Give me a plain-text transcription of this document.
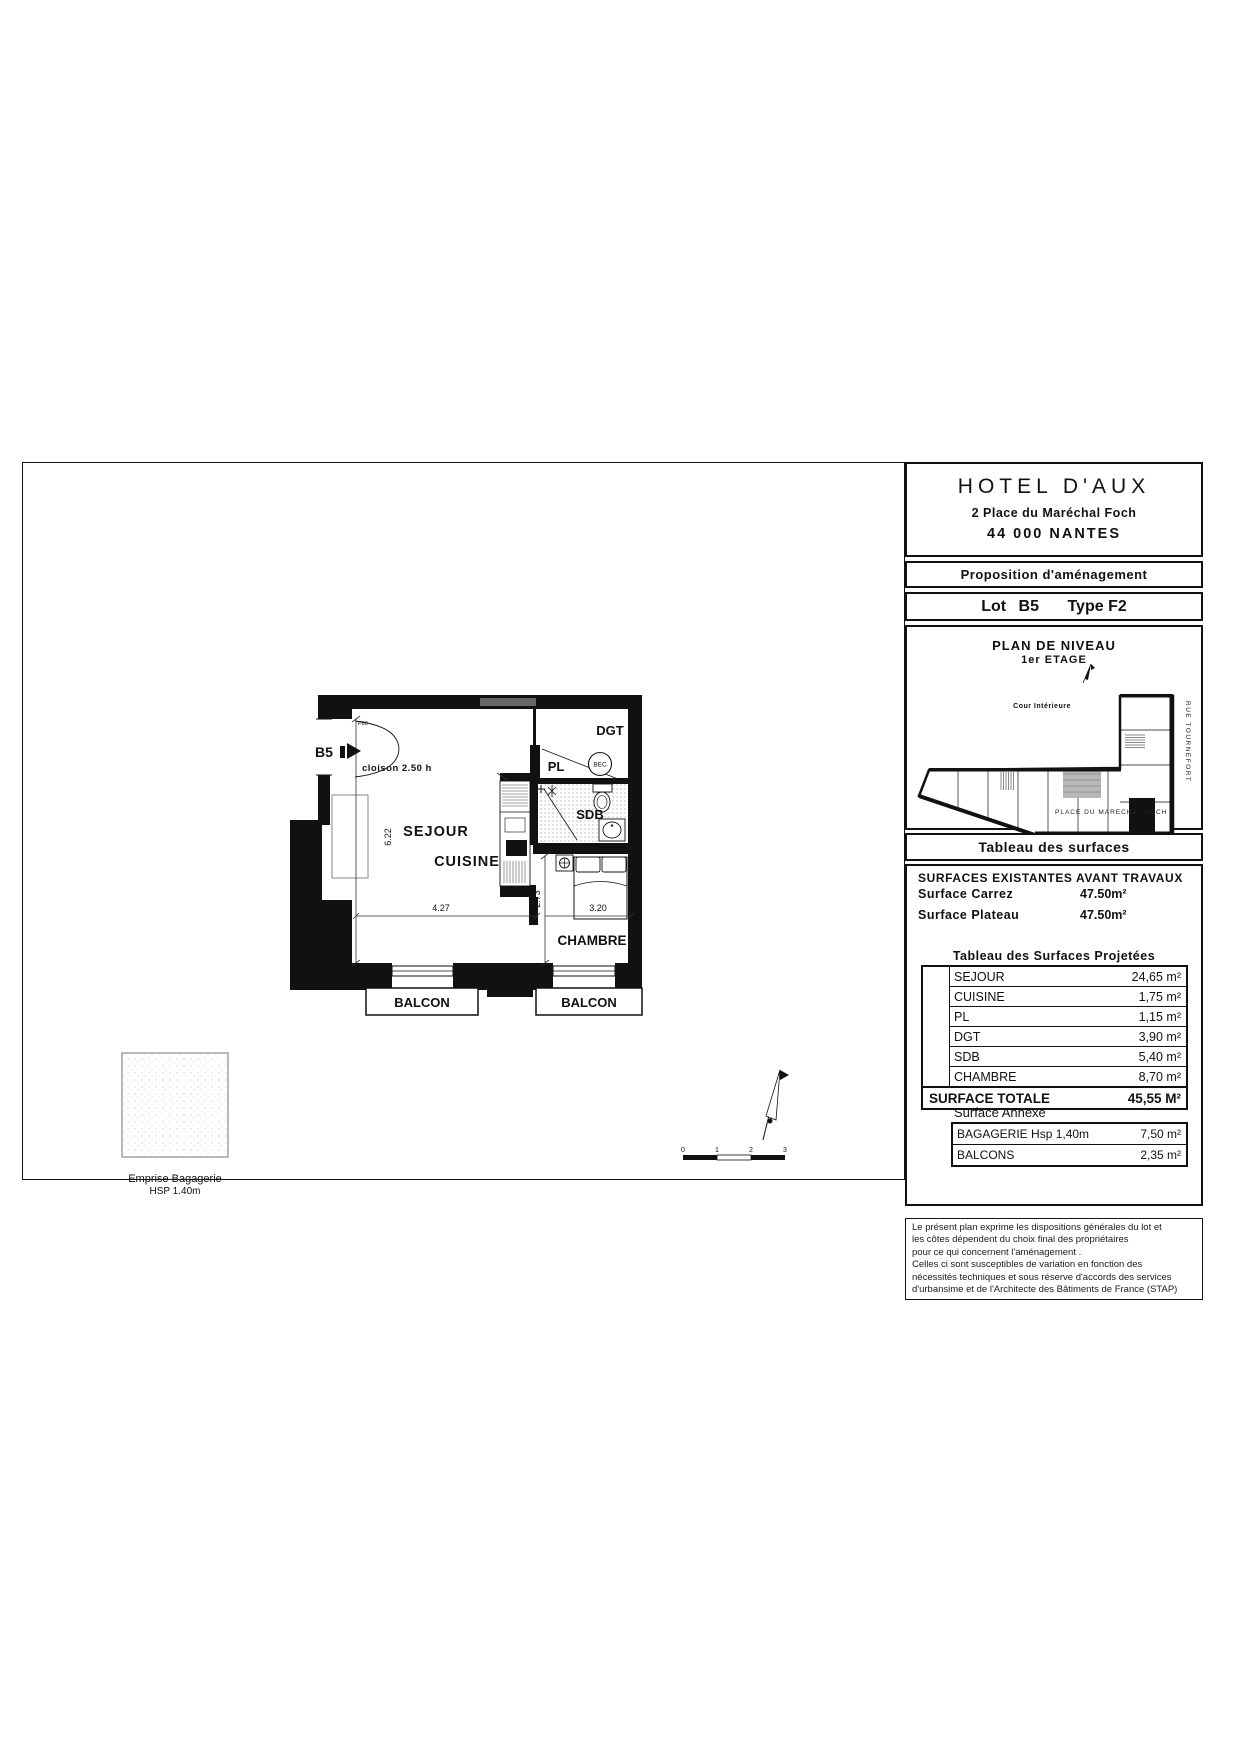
P80
B5
SEJOUR
CUISINE
DGT
PL	BEC
SDB
CHAMBRE
BALCON	BALCON
cloison 2.50 h
6.22
4.27
2.73
3.20
Emprise Bagagerie
HSP 1.40m
0	1	2	3
HOTEL D'AUX
2 Place du Maréchal Foch
44 000 NANTES
Proposition d'aménagement
Lot B5 Type F2
PLAN DE NIVEAU
1er ETAGE
Cour Intérieure	RUE TOURNEFORT
PLACE DU MARECHAL FOCH
Tableau des surfaces
SURFACES EXISTANTES AVANT TRAVAUX
Surface Carrez	47.50m²
Surface Plateau	47.50m²
Tableau des Surfaces Projetées
SEJOUR	24,65 m²
CUISINE	1,75 m²
PL	1,15 m²
DGT	3,90 m²
SDB	5,40 m²
CHAMBRE	8,70 m²
SURFACE TOTALE	45,55 M²
Surface Annexe
BAGAGERIE Hsp 1,40m	7,50 m²
BALCONS	2,35 m²
Le présent plan exprime les dispositions générales du lot et
les côtes dépendent du choix final des propriétaires
pour ce qui concernent l'aménagement .
Celles ci sont susceptibles de variation en fonction des
nécessités techniques et sous réserve d'accords des services
d'urbansime et de l'Architecte des Bâtiments de France (STAP)
